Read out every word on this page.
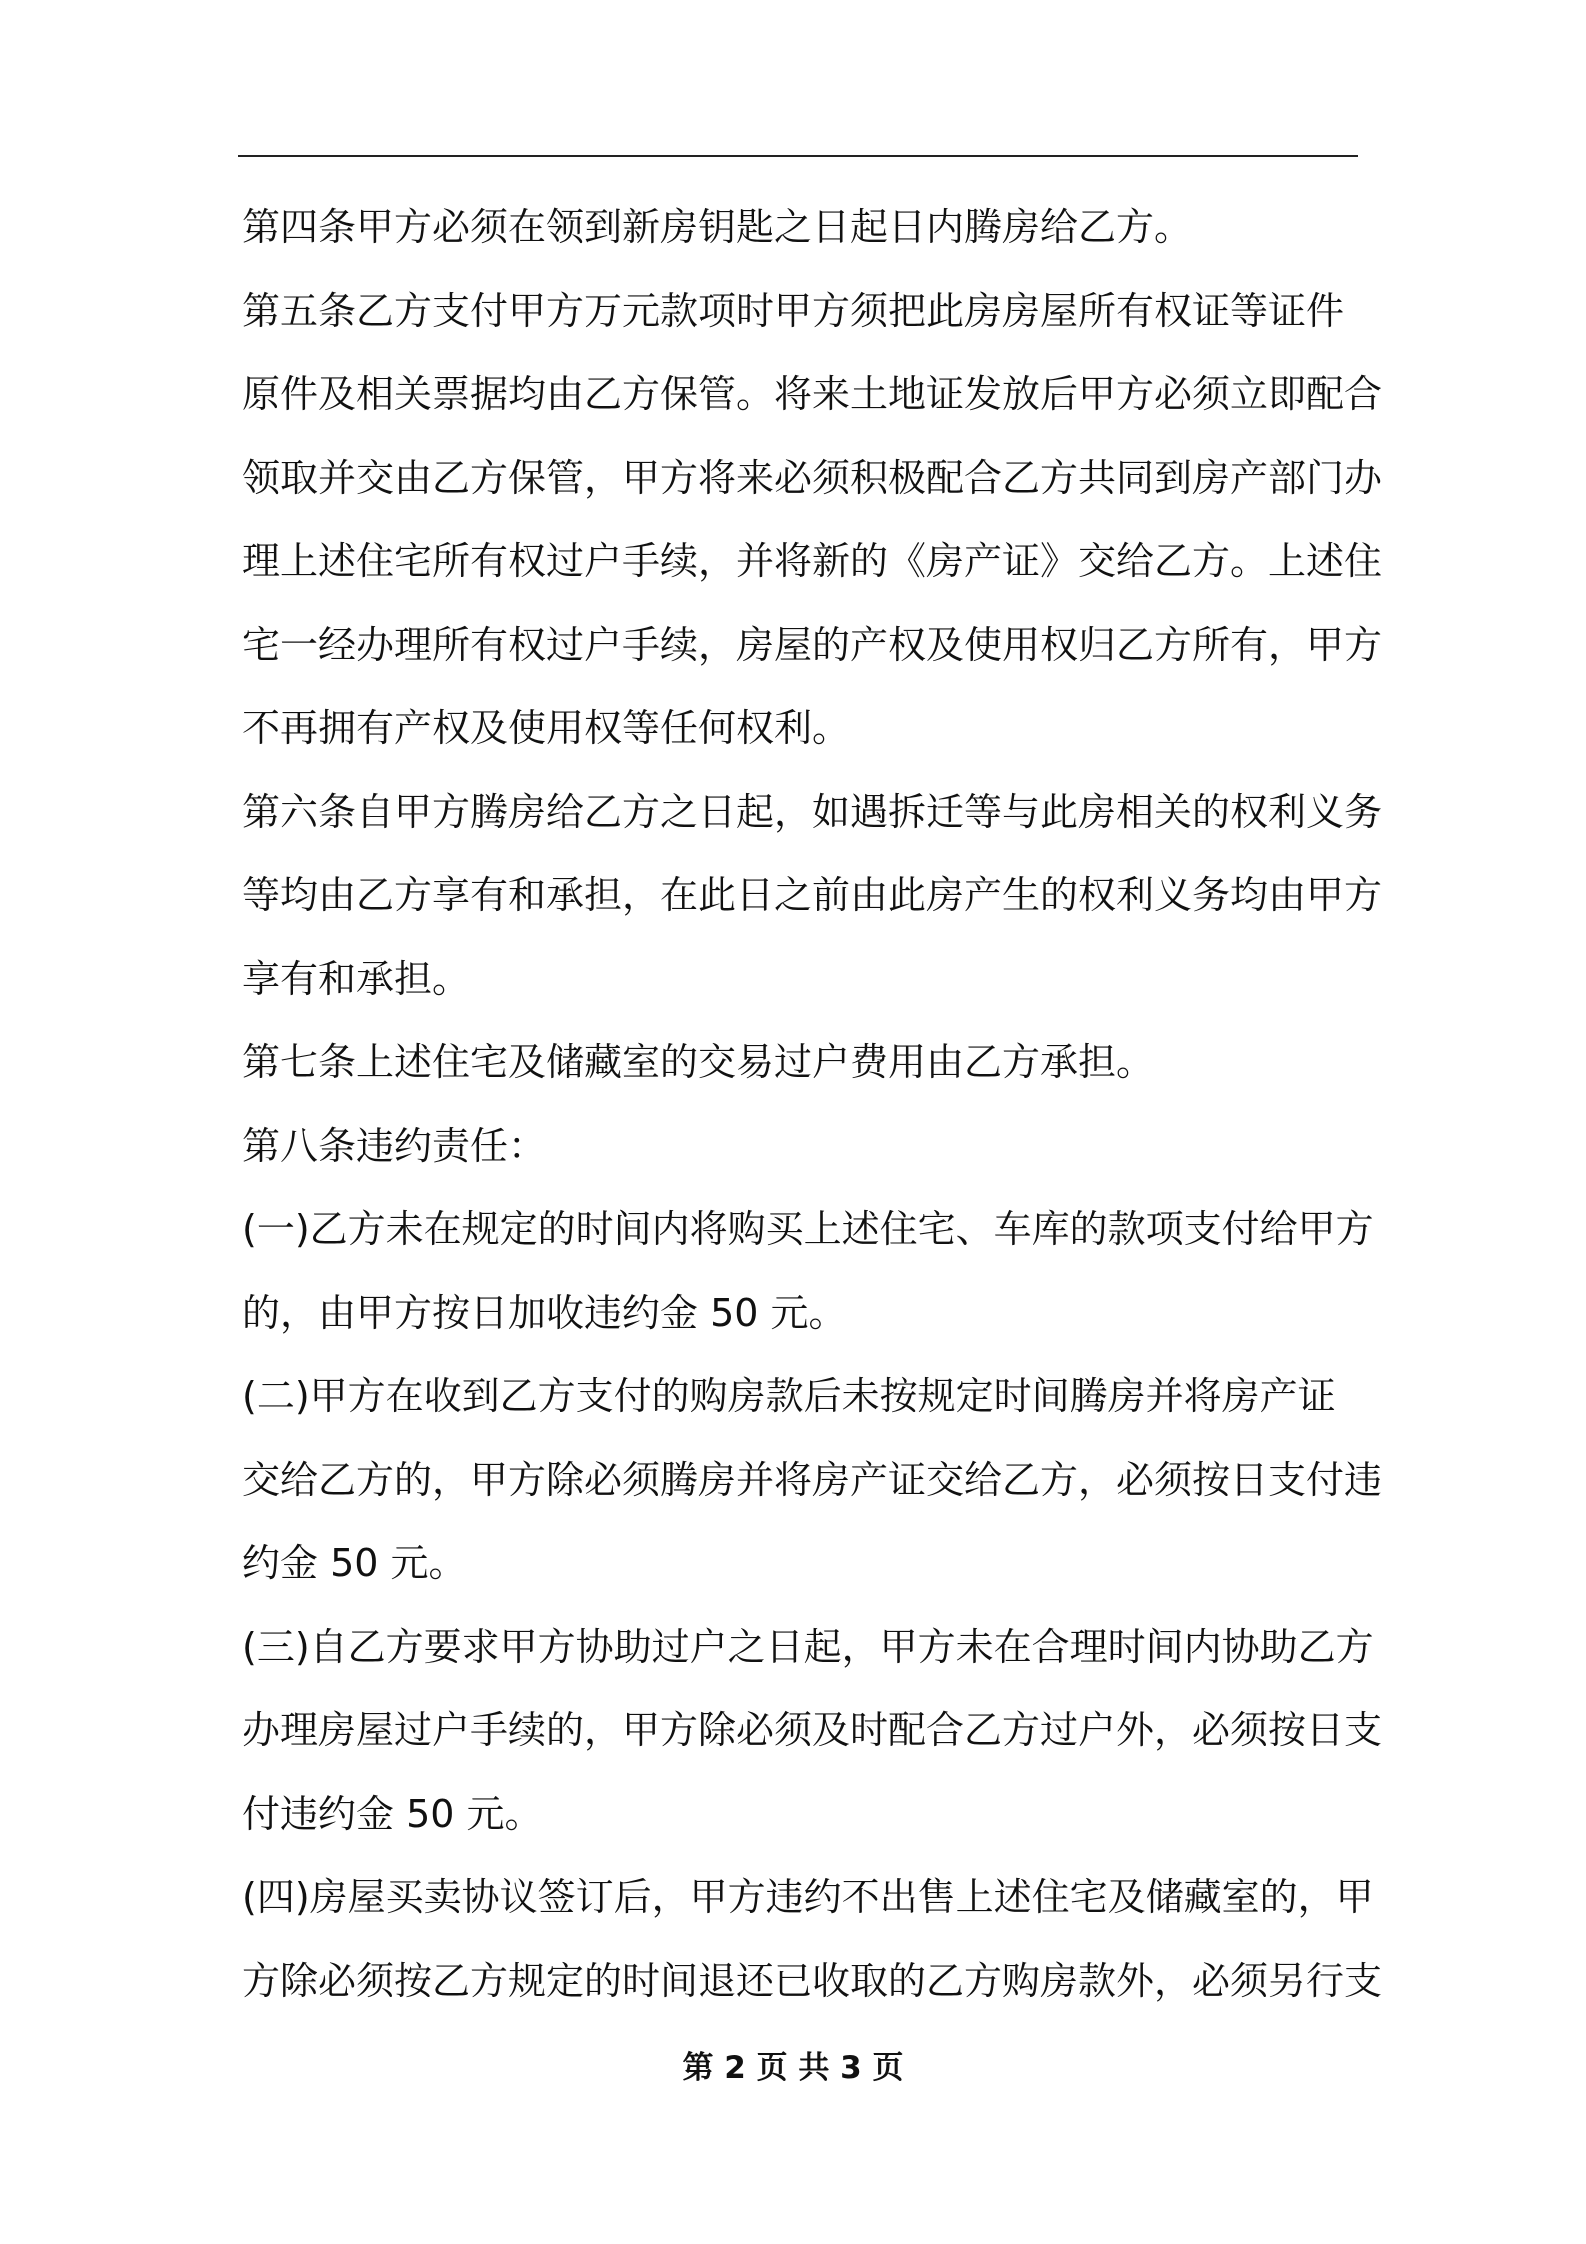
第四条甲方必须在领到新房钥匙之日起日内腾房给乙方。

第五条乙方支付甲方万元款项时甲方须把此房房屋所有权证等证件

原件及相关票据均由乙方保管。将来土地证发放后甲方必须立即配合

领取并交由乙方保管，甲方将来必须积极配合乙方共同到房产部门办

理上述住宅所有权过户手续，并将新的《房产证》交给乙方。上述住

宅一经办理所有权过户手续，房屋的产权及使用权归乙方所有，甲方

不再拥有产权及使用权等任何权利。

第六条自甲方腾房给乙方之日起，如遇拆迁等与此房相关的权利义务

等均由乙方享有和承担，在此日之前由此房产生的权利义务均由甲方

享有和承担。

第七条上述住宅及储藏室的交易过户费用由乙方承担。

第八条违约责任：

(一)乙方未在规定的时间内将购买上述住宅、车库的款项支付给甲方

的，由甲方按日加收违约金 50 元。

(二)甲方在收到乙方支付的购房款后未按规定时间腾房并将房产证

交给乙方的，甲方除必须腾房并将房产证交给乙方，必须按日支付违

约金 50 元。

(三)自乙方要求甲方协助过户之日起，甲方未在合理时间内协助乙方

办理房屋过户手续的，甲方除必须及时配合乙方过户外，必须按日支

付违约金 50 元。

(四)房屋买卖协议签订后，甲方违约不出售上述住宅及储藏室的，甲

方除必须按乙方规定的时间退还已收取的乙方购房款外，必须另行支

第 2 页 共 3 页
